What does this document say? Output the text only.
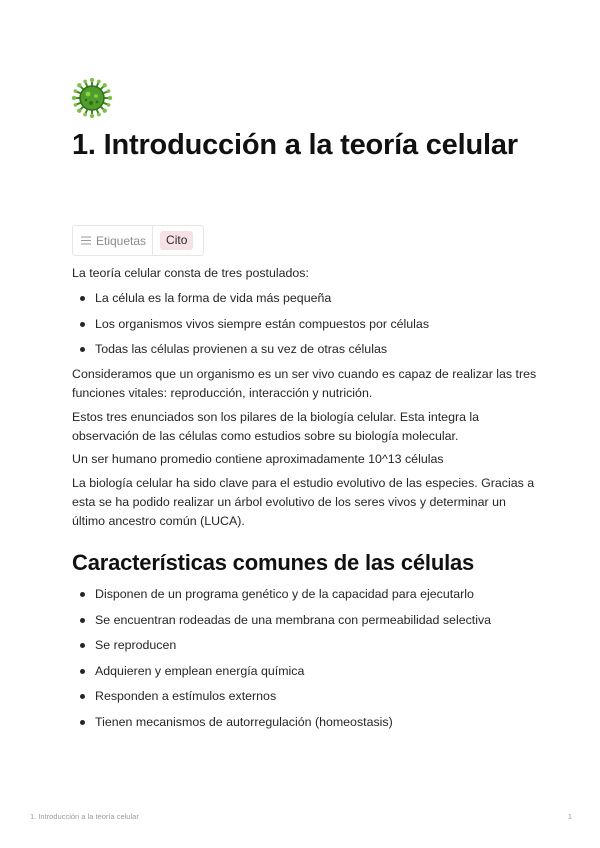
1. Introducción a la teoría celular
Etiquetas	Cito

La teoría celular consta de tres postulados:

La célula es la forma de vida más pequeña
Los organismos vivos siempre están compuestos por células
Todas las células provienen a su vez de otras células

Consideramos que un organismo es un ser vivo cuando es capaz de realizar las tres funciones vitales: reproducción, interacción y nutrición.

Estos tres enunciados son los pilares de la biología celular. Esta integra la observación de las células como estudios sobre su biología molecular.

Un ser humano promedio contiene aproximadamente 10^13 células

La biología celular ha sido clave para el estudio evolutivo de las especies. Gracias a esta se ha podido realizar un árbol evolutivo de los seres vivos y determinar un último ancestro común (LUCA).

Características comunes de las células
Disponen de un programa genético y de la capacidad para ejecutarlo
Se encuentran rodeadas de una membrana con permeabilidad selectiva
Se reproducen
Adquieren y emplean energía química
Responden a estímulos externos
Tienen mecanismos de autorregulación (homeostasis)
1. Introducción a la teoría celular	1
